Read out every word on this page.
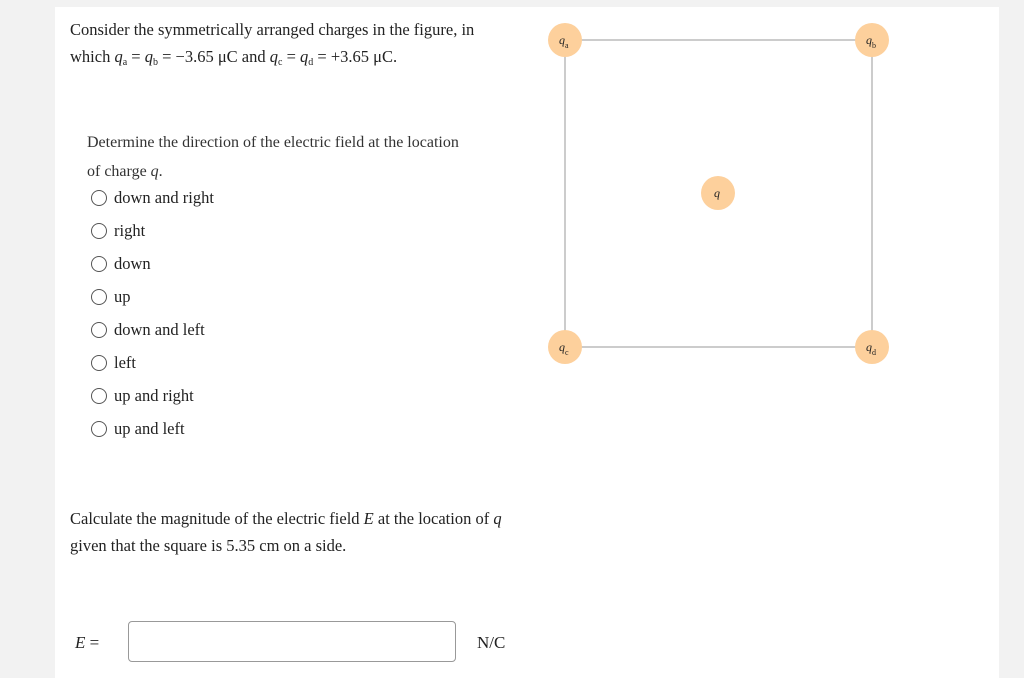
Consider the symmetrically arranged charges in the figure, in
which $q_a = q_b = -3.65$ μC and $q_c = q_d = +3.65$ μC.
Determine the direction of the electric field at the location of charge q.
down and right
right
down
up
down and left
left
up and right
up and left
Calculate the magnitude of the electric field E at the location of q given that the square is 5.35 cm on a side.
E =	N/C
q a	q b
q
q c	q d
